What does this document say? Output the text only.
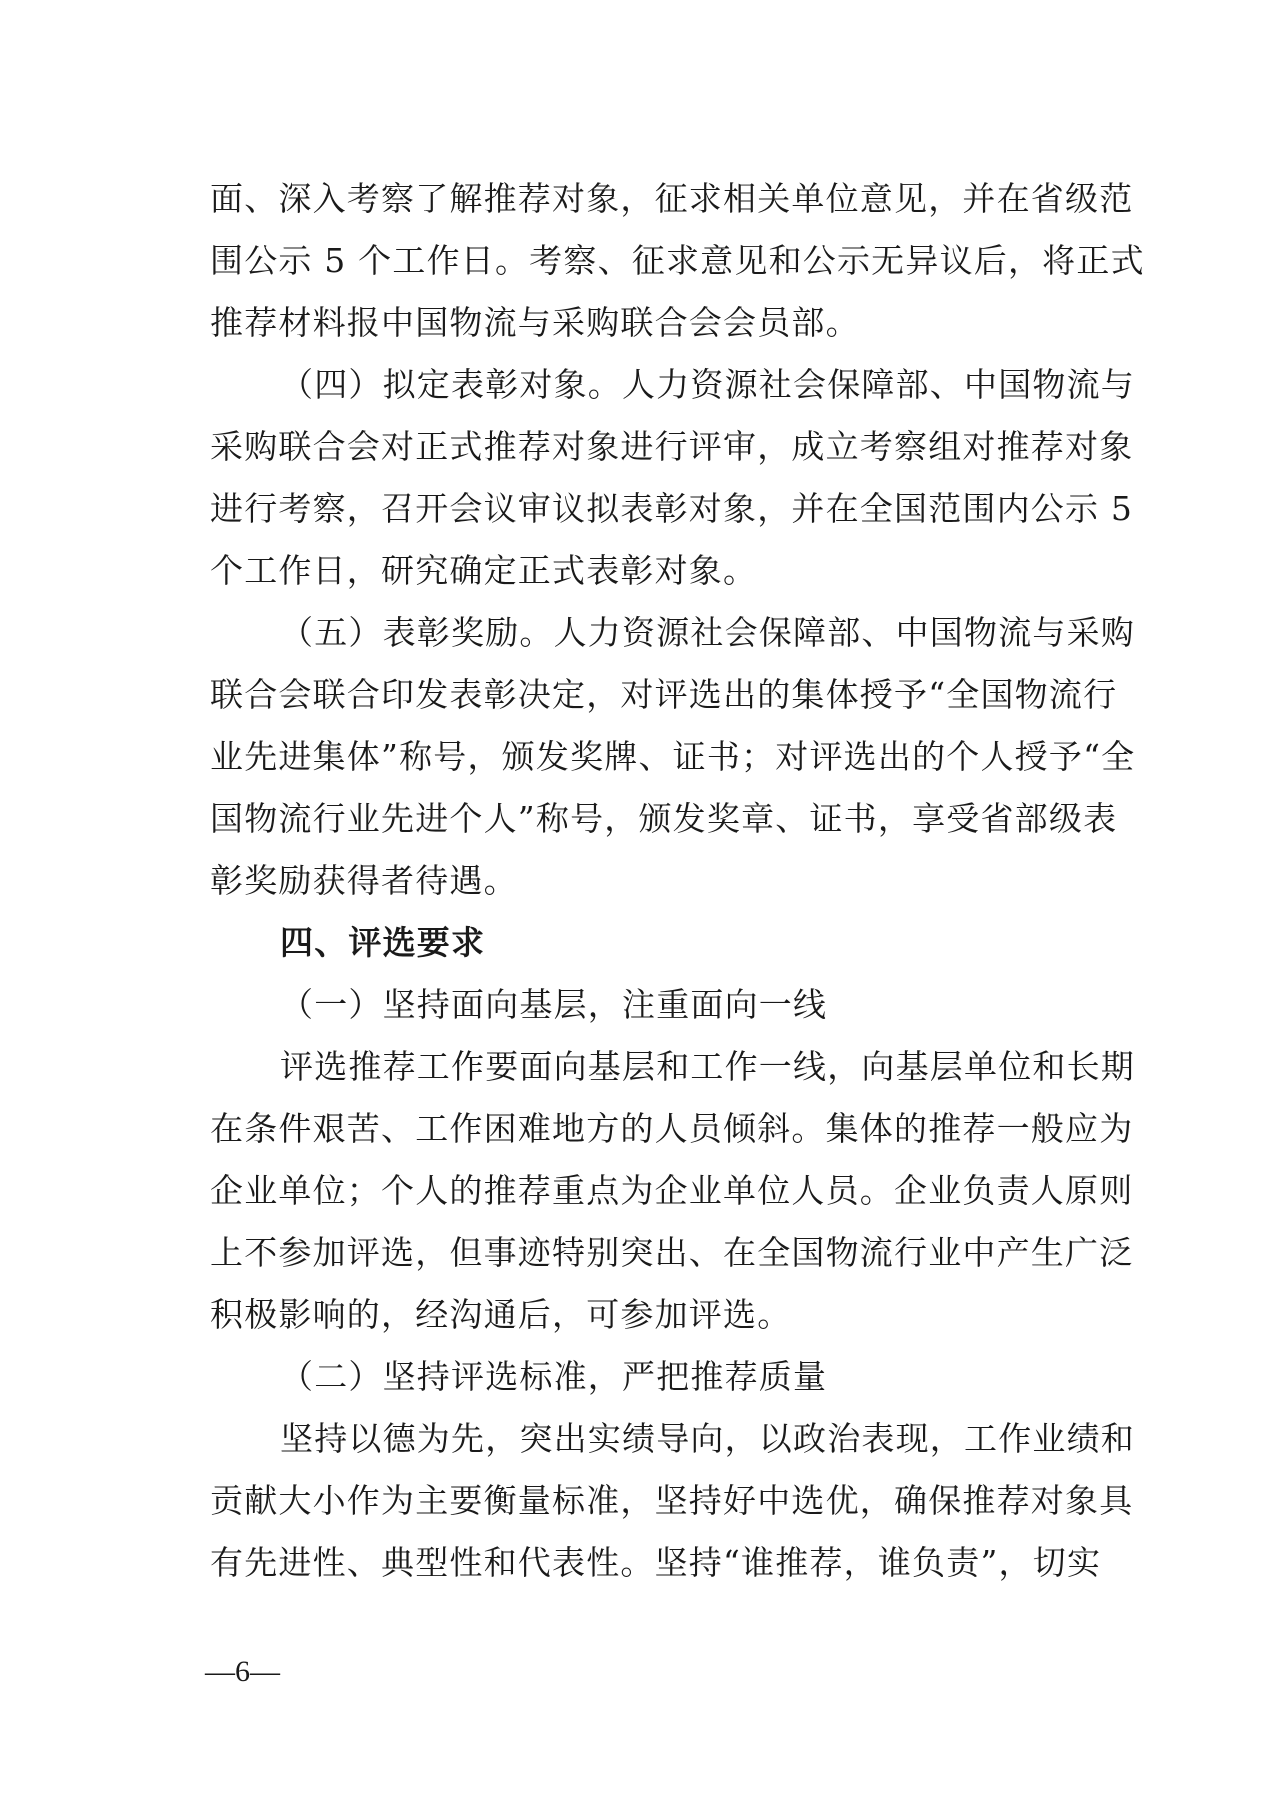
面、深入考察了解推荐对象，征求相关单位意见，并在省级范
围公示 5 个工作日。考察、征求意见和公示无异议后，将正式
推荐材料报中国物流与采购联合会会员部。
（四）拟定表彰对象。人力资源社会保障部、中国物流与
采购联合会对正式推荐对象进行评审，成立考察组对推荐对象
进行考察，召开会议审议拟表彰对象，并在全国范围内公示 5
个工作日，研究确定正式表彰对象。
（五）表彰奖励。人力资源社会保障部、中国物流与采购
联合会联合印发表彰决定，对评选出的集体授予“全国物流行
业先进集体”称号，颁发奖牌、证书；对评选出的个人授予“全
国物流行业先进个人”称号，颁发奖章、证书，享受省部级表
彰奖励获得者待遇。
四、评选要求
（一）坚持面向基层，注重面向一线
评选推荐工作要面向基层和工作一线，向基层单位和长期
在条件艰苦、工作困难地方的人员倾斜。集体的推荐一般应为
企业单位；个人的推荐重点为企业单位人员。企业负责人原则
上不参加评选，但事迹特别突出、在全国物流行业中产生广泛
积极影响的，经沟通后，可参加评选。
（二）坚持评选标准，严把推荐质量
坚持以德为先，突出实绩导向，以政治表现，工作业绩和
贡献大小作为主要衡量标准，坚持好中选优，确保推荐对象具
有先进性、典型性和代表性。坚持“谁推荐，谁负责”，切实
—6—
